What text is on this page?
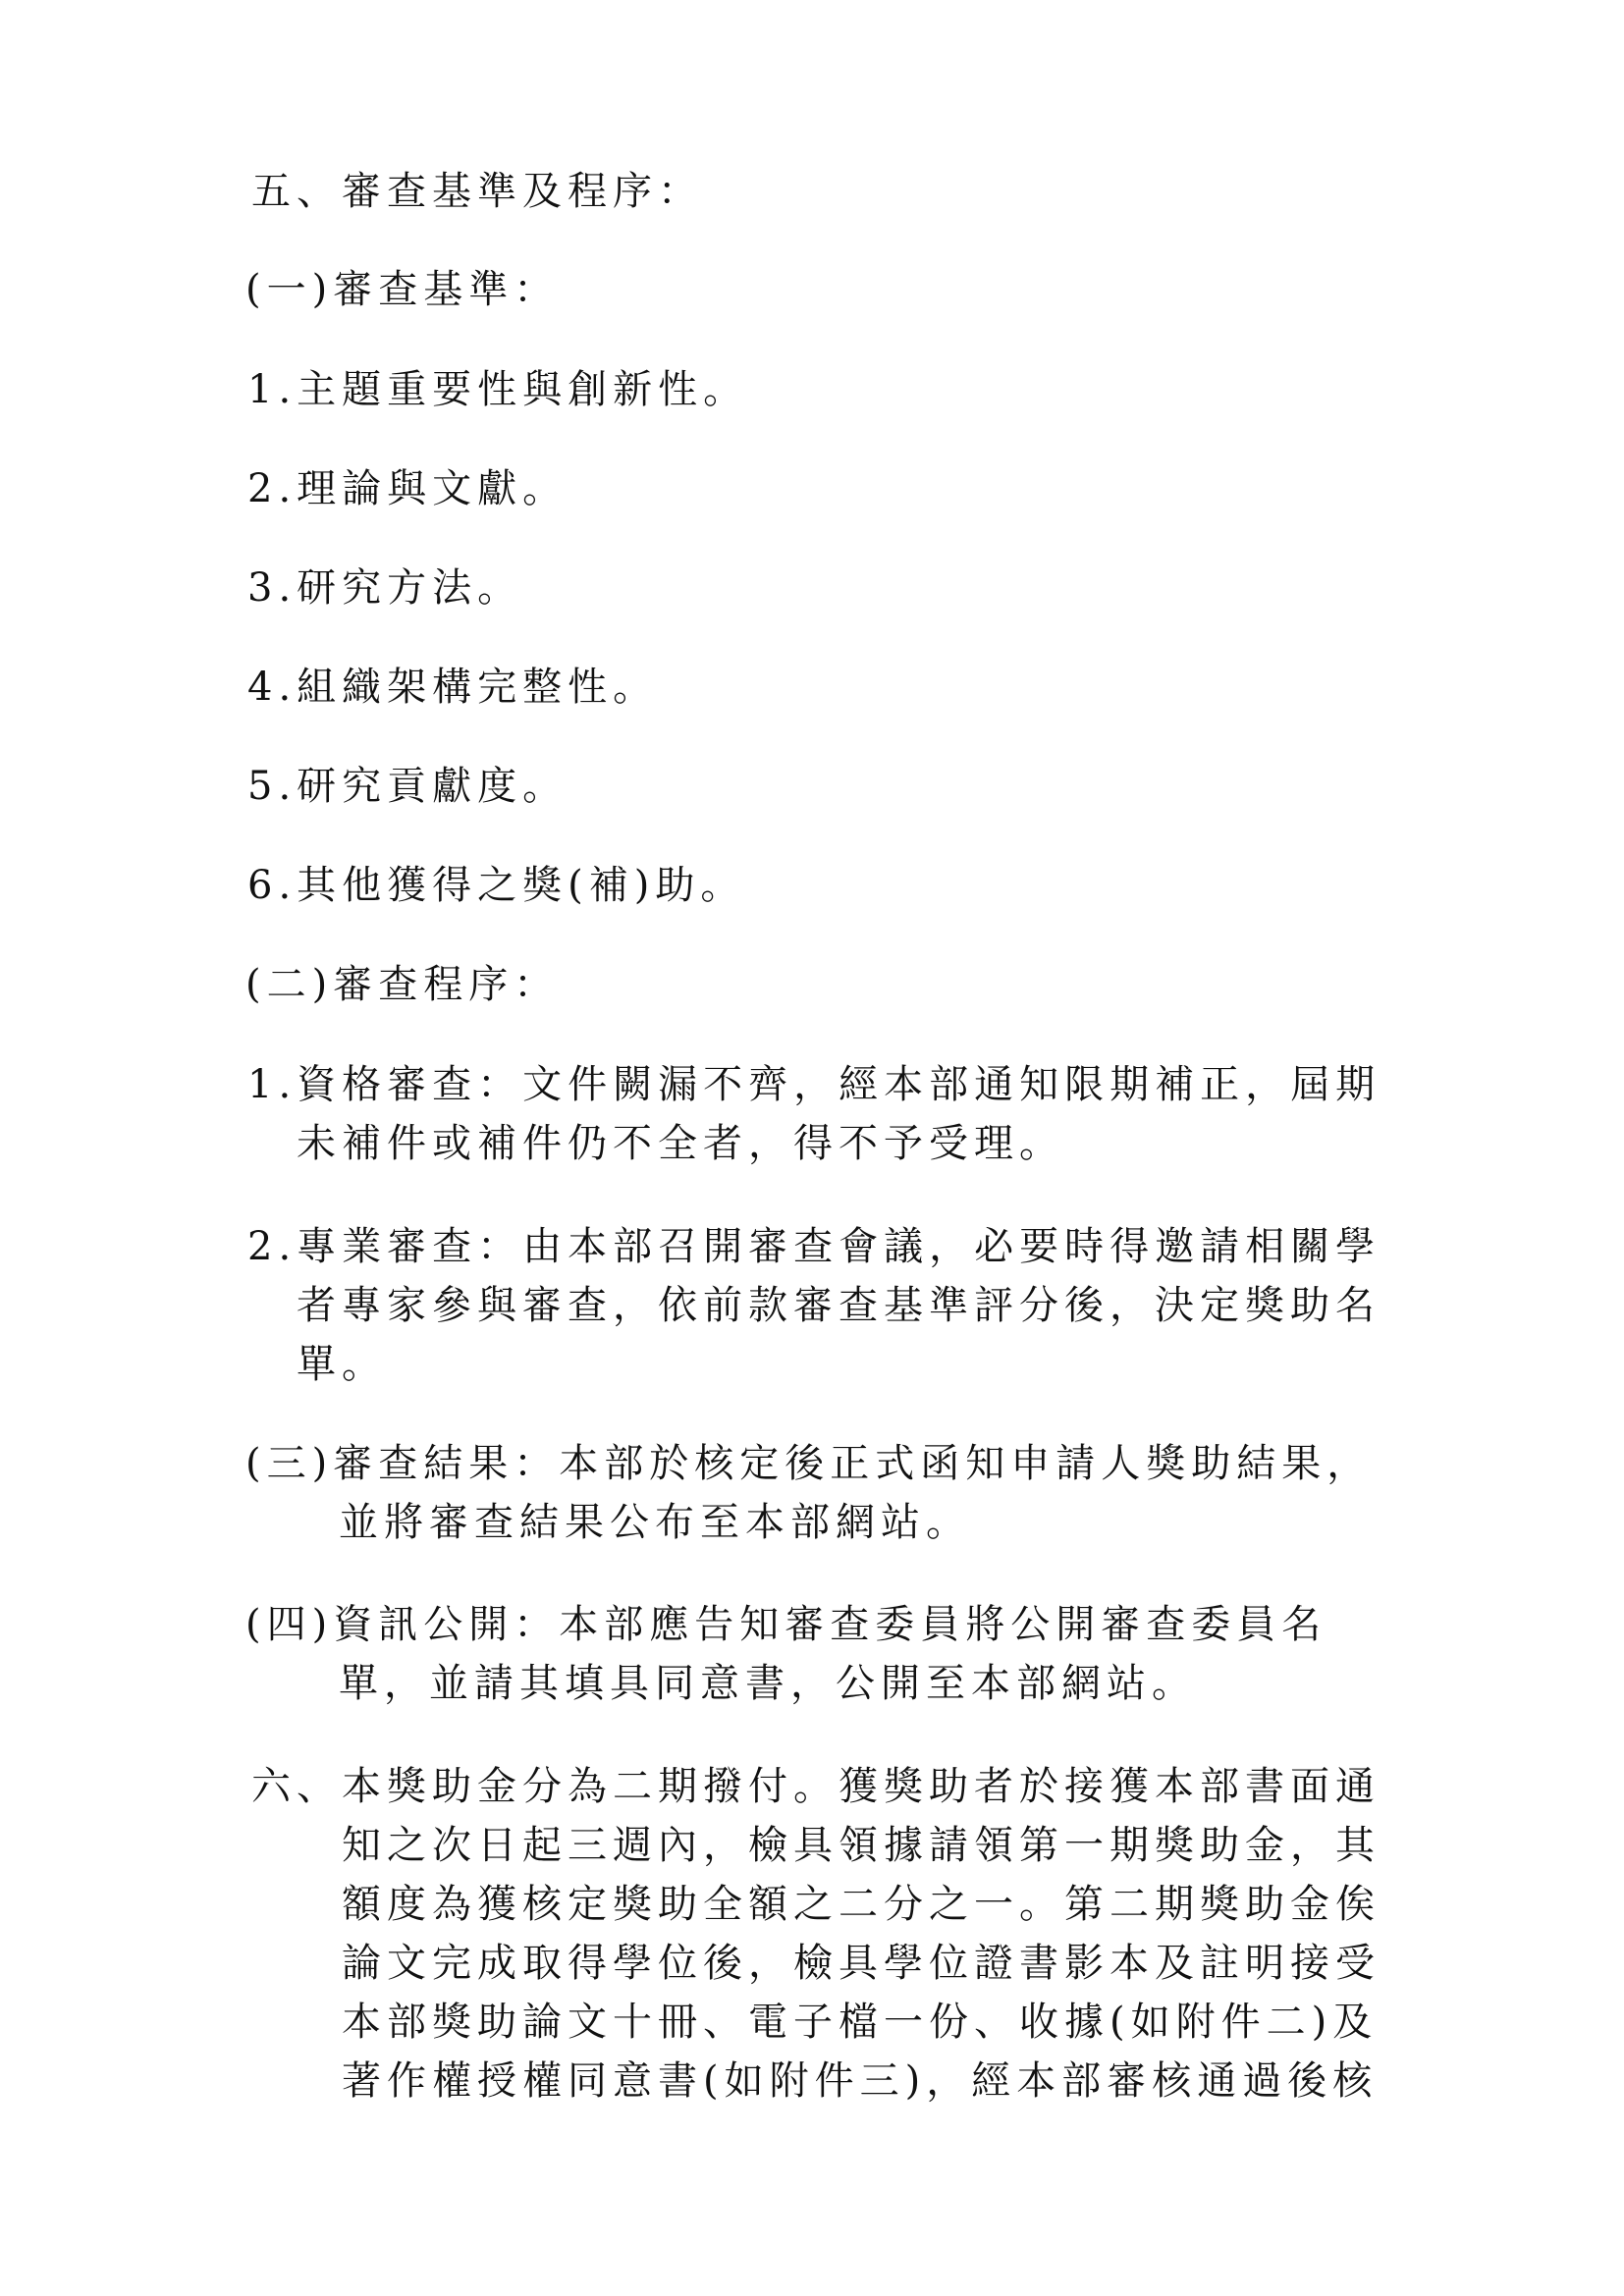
五、審查基準及程序：
(一)審查基準：
1.主題重要性與創新性。
2.理論與文獻。
3.研究方法。
4.組織架構完整性。
5.研究貢獻度。
6.其他獲得之獎(補)助。
(二)審查程序：
1.資格審查：文件闕漏不齊，經本部通知限期補正，屆期
未補件或補件仍不全者，得不予受理。
2.專業審查：由本部召開審查會議，必要時得邀請相關學
者專家參與審查，依前款審查基準評分後，決定獎助名
單。
(三)審查結果：本部於核定後正式函知申請人獎助結果，
並將審查結果公布至本部網站。
(四)資訊公開：本部應告知審查委員將公開審查委員名
單，並請其填具同意書，公開至本部網站。
六、本獎助金分為二期撥付。獲獎助者於接獲本部書面通
知之次日起三週內，檢具領據請領第一期獎助金，其
額度為獲核定獎助全額之二分之一。第二期獎助金俟
論文完成取得學位後，檢具學位證書影本及註明接受
本部獎助論文十冊、電子檔一份、收據(如附件二)及
著作權授權同意書(如附件三)，經本部審核通過後核
